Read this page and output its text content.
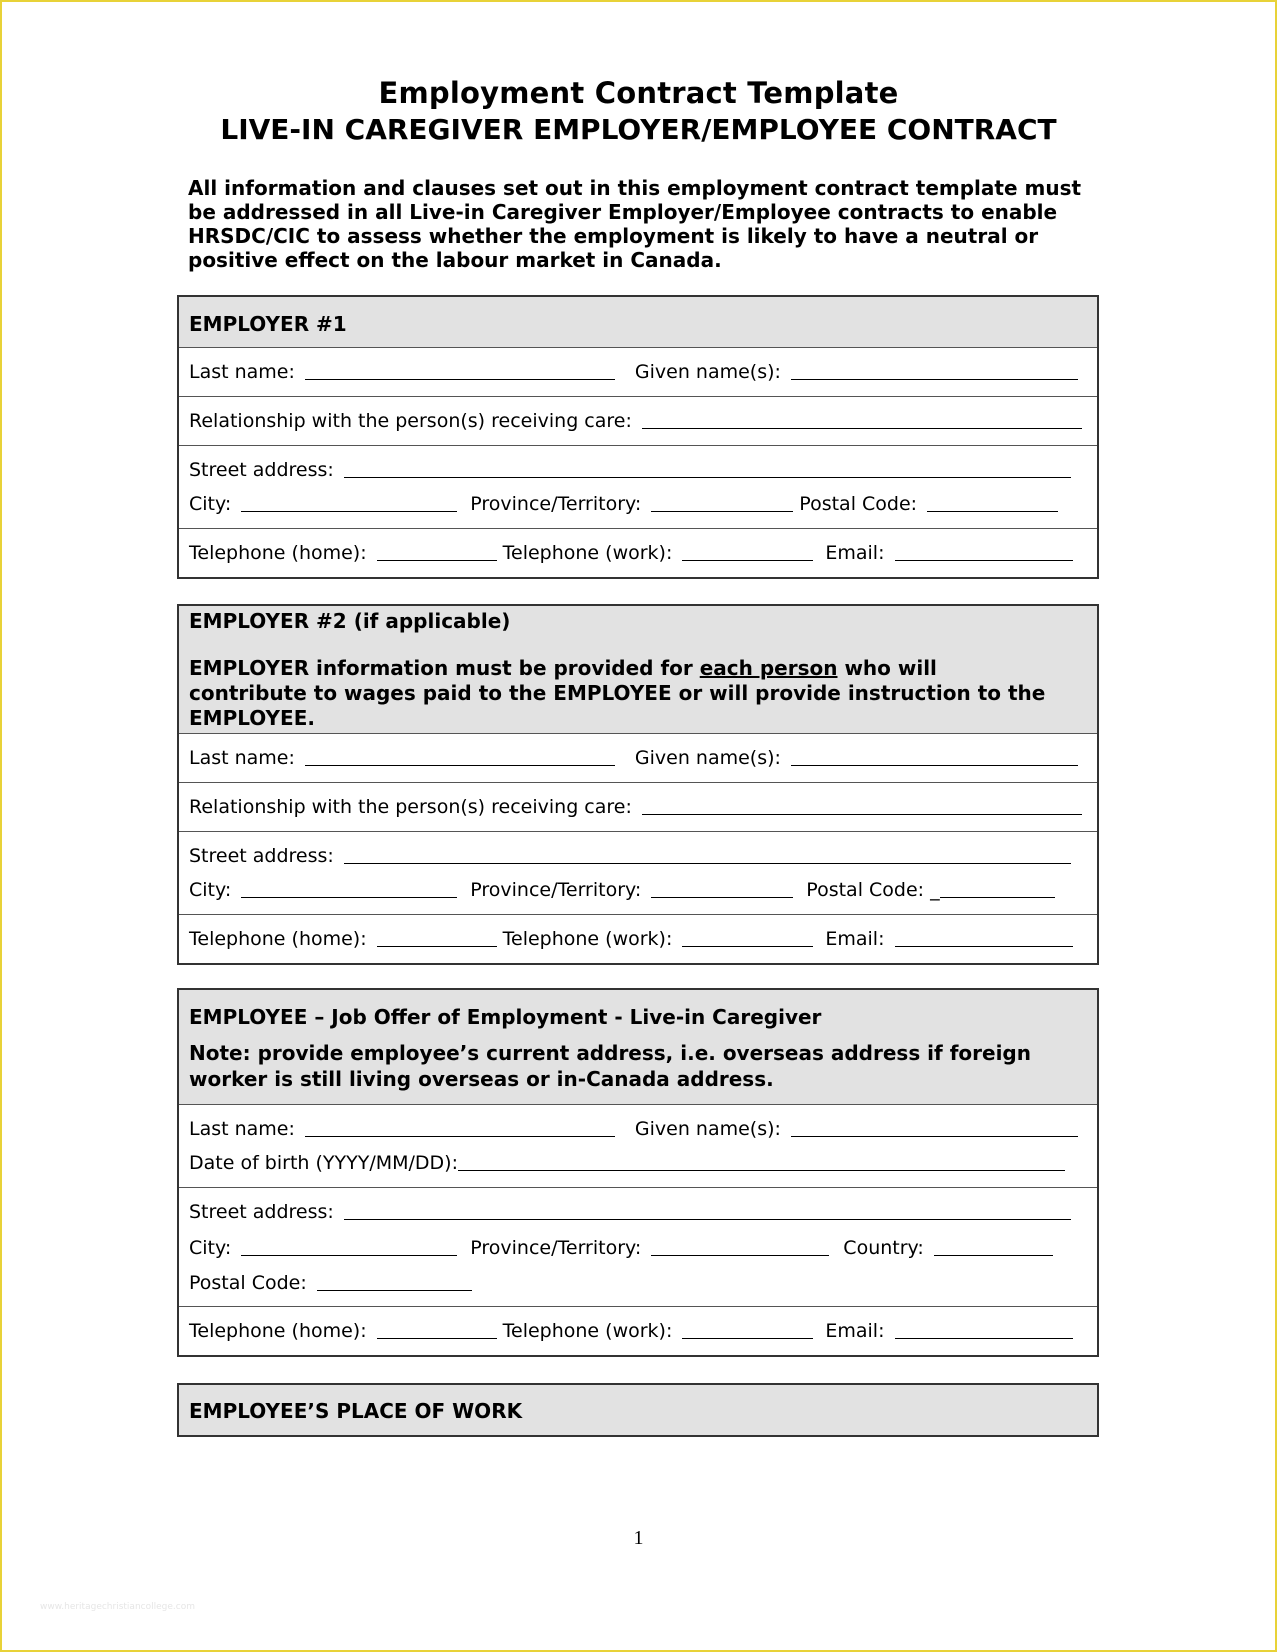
Employment Contract Template
LIVE-IN CAREGIVER EMPLOYER/EMPLOYEE CONTRACT

All information and clauses set out in this employment contract template must

be addressed in all Live-in Caregiver Employer/Employee contracts to enable

HRSDC/CIC to assess whether the employment is likely to have a neutral or

positive effect on the labour market in Canada.

EMPLOYER #1
Last name:	Given name(s):
Relationship with the person(s) receiving care:
Street address:
City:	Province/Territory:	Postal Code:
Telephone (home):	Telephone (work):	Email:
EMPLOYER #2 (if applicable)
EMPLOYER information must be provided for each person who will
contribute to wages paid to the EMPLOYEE or will provide instruction to the
EMPLOYEE.
Last name:	Given name(s):
Relationship with the person(s) receiving care:
Street address:
City:	Province/Territory:	Postal Code: _
Telephone (home):	Telephone (work):	Email:
EMPLOYEE – Job Offer of Employment - Live-in Caregiver
Note: provide employee’s current address, i.e. overseas address if foreign
worker is still living overseas or in-Canada address.
Last name:	Given name(s):
Date of birth (YYYY/MM/DD):
Street address:
City:	Province/Territory:	Country:
Postal Code:
Telephone (home):	Telephone (work):	Email:
EMPLOYEE’S PLACE OF WORK
1
www.heritagechristiancollege.com
